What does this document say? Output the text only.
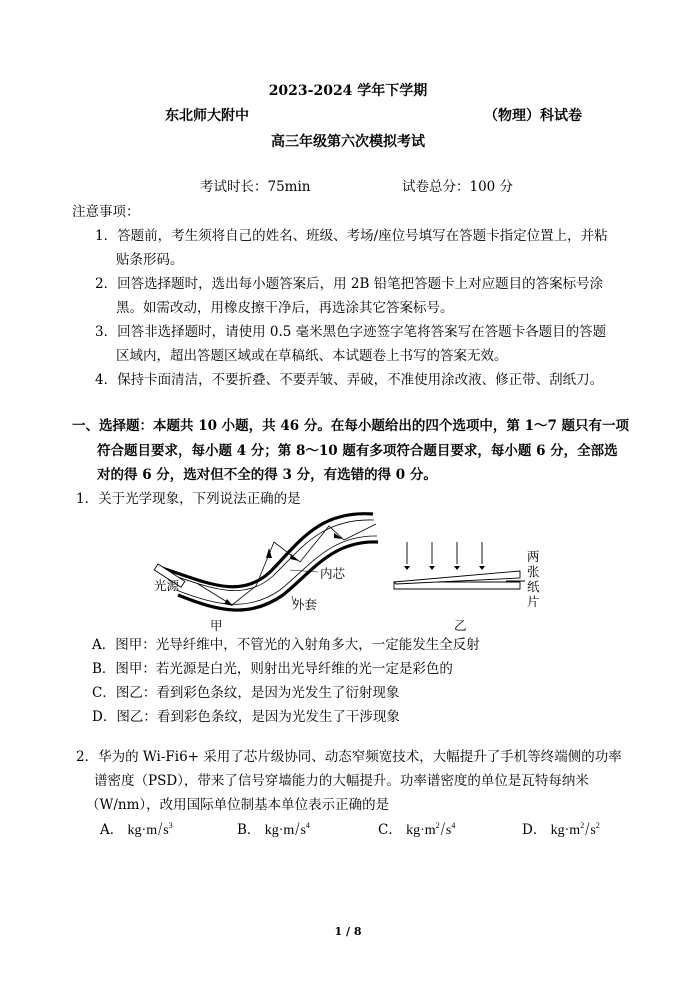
2023-2024 学年下学期
东北师大附中	（物理）科试卷
高三年级第六次模拟考试
考试时长：75min	试卷总分：100 分
注意事项：
1．答题前，考生须将自己的姓名、班级、考场/座位号填写在答题卡指定位置上，并粘
贴条形码。
2．回答选择题时，选出每小题答案后，用 2B 铅笔把答题卡上对应题目的答案标号涂
黑。如需改动，用橡皮擦干净后，再选涂其它答案标号。
3．回答非选择题时，请使用 0.5 毫米黑色字迹签字笔将答案写在答题卡各题目的答题
区域内，超出答题区域或在草稿纸、本试题卷上书写的答案无效。
4．保持卡面清洁，不要折叠、不要弄皱、弄破，不准使用涂改液、修正带、刮纸刀。
一、选择题：本题共 10 小题，共 46 分。在每小题给出的四个选项中，第 1～7 题只有一项
符合题目要求，每小题 4 分；第 8～10 题有多项符合题目要求，每小题 6 分，全部选
对的得 6 分，选对但不全的得 3 分，有选错的得 0 分。
1．关于光学现象，下列说法正确的是
光源
内芯
外套
甲
两
张
纸
片
乙
A．图甲：光导纤维中，不管光的入射角多大，一定能发生全反射
B．图甲：若光源是白光，则射出光导纤维的光一定是彩色的
C．图乙：看到彩色条纹，是因为光发生了衍射现象
D．图乙：看到彩色条纹，是因为光发生了干涉现象
2．华为的 Wi-Fi6+ 采用了芯片级协同、动态窄频宽技术，大幅提升了手机等终端侧的功率
谱密度（PSD），带来了信号穿墙能力的大幅提升。功率谱密度的单位是瓦特每纳米
（W/nm），改用国际单位制基本单位表示正确的是
A． $kg\cdot m/s^3$	B． $kg\cdot m/s^4$	C． $kg\cdot m^2/s^4$	D． $kg\cdot m^2/s^2$
1 / 8
